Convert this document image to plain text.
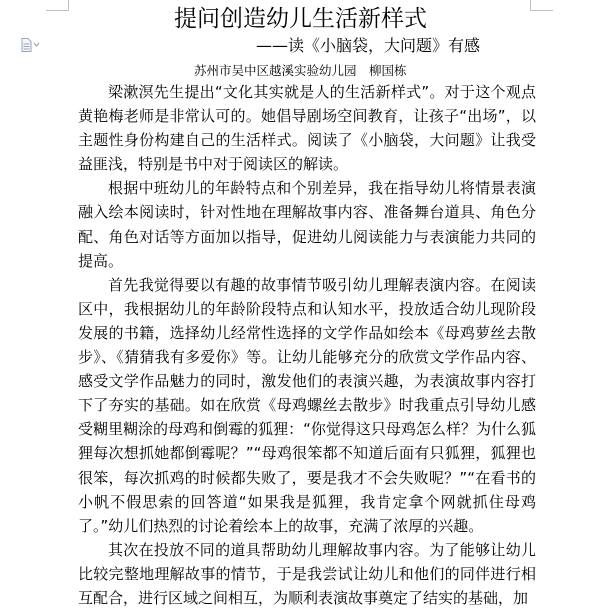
提问创造幼儿生活新样式
——读《小脑袋，大问题》有感
苏州市吴中区越溪实验幼儿园　柳国栋

梁漱溟先生提出“文化其实就是人的生活新样式”。对于这个观点黄艳梅老师是非常认可的。她倡导剧场空间教育，让孩子“出场”，以主题性身份构建自己的生活样式。阅读了《小脑袋，大问题》让我受益匪浅，特别是书中对于阅读区的解读。

根据中班幼儿的年龄特点和个别差异，我在指导幼儿将情景表演融入绘本阅读时，针对性地在理解故事内容、准备舞台道具、角色分配、角色对话等方面加以指导，促进幼儿阅读能力与表演能力共同的提高。

首先我觉得要以有趣的故事情节吸引幼儿理解表演内容。在阅读区中，我根据幼儿的年龄阶段特点和认知水平，投放适合幼儿现阶段发展的书籍，选择幼儿经常性选择的文学作品如绘本《母鸡萝丝去散步》、《猜猜我有多爱你》等。让幼儿能够充分的欣赏文学作品内容、感受文学作品魅力的同时，激发他们的表演兴趣，为表演故事内容打下了夯实的基础。如在欣赏《母鸡螺丝去散步》时我重点引导幼儿感受糊里糊涂的母鸡和倒霉的狐狸：“你觉得这只母鸡怎么样？为什么狐狸每次想抓她都倒霉呢？”“母鸡很笨都不知道后面有只狐狸，狐狸也很笨，每次抓鸡的时候都失败了，要是我才不会失败呢？”“在看书的小帆不假思索的回答道“如果我是狐狸，我肯定拿个网就抓住母鸡了。”幼儿们热烈的讨论着绘本上的故事，充满了浓厚的兴趣。

其次在投放不同的道具帮助幼儿理解故事内容。为了能够让幼儿比较完整地理解故事的情节，于是我尝试让幼儿和他们的同伴进行相互配合，进行区域之间相互，为顺利表演故事奠定了结实的基础，加
